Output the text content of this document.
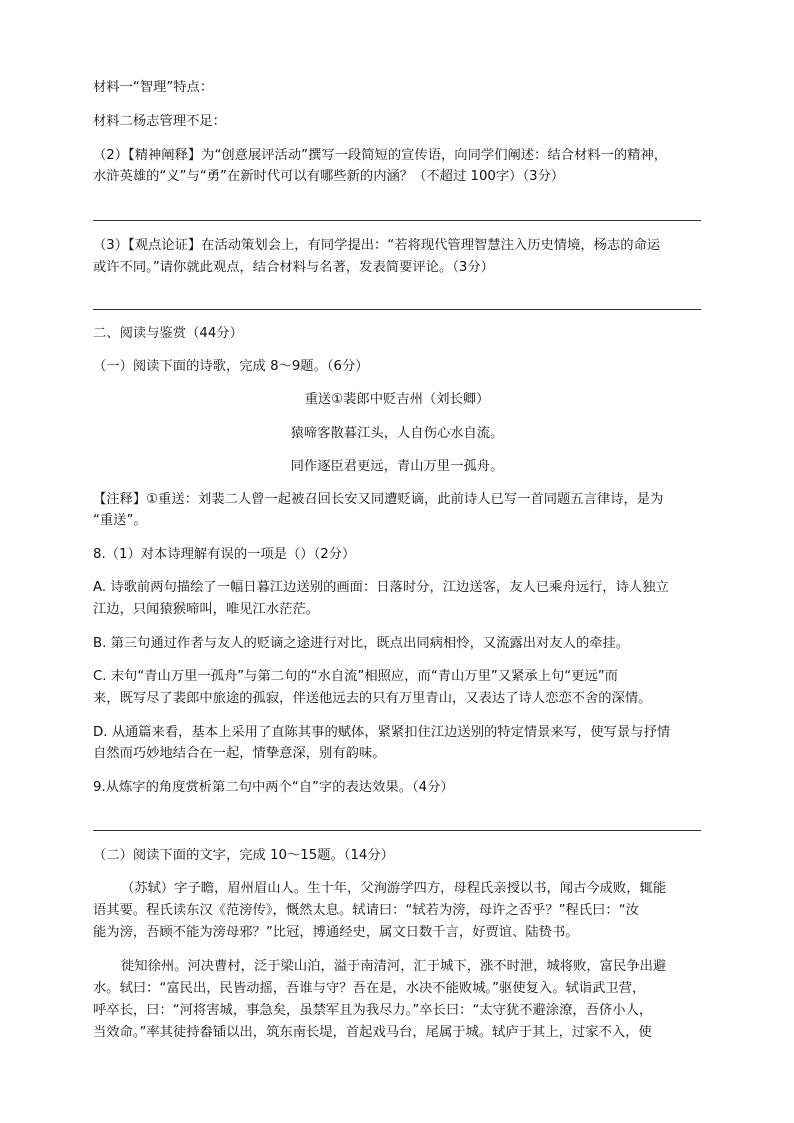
材料一“智理”特点：
材料二杨志管理不足：
（2）【精神阐释】为“创意展评活动”撰写一段简短的宣传语，向同学们阐述：结合材料一的精神，
水浒英雄的“义”与“勇”在新时代可以有哪些新的内涵？（不超过 100字）（3分）
（3）【观点论证】在活动策划会上，有同学提出：“若将现代管理智慧注入历史情境，杨志的命运
或许不同。”请你就此观点，结合材料与名著，发表简要评论。（3分）
二、阅读与鉴赏（44分）
（一）阅读下面的诗歌，完成 8～9题。（6分）
重送①裴郎中贬吉州（刘长卿）
猿啼客散暮江头，人自伤心水自流。
同作逐臣君更远，青山万里一孤舟。
【注释】①重送：刘裴二人曾一起被召回长安又同遭贬谪，此前诗人已写一首同题五言律诗，是为
“重送”。
8.（1）对本诗理解有误的一项是（）（2分）
A. 诗歌前两句描绘了一幅日暮江边送别的画面：日落时分，江边送客，友人已乘舟远行，诗人独立
江边，只闻猿猴啼叫，唯见江水茫茫。
B. 第三句通过作者与友人的贬谪之途进行对比，既点出同病相怜，又流露出对友人的牵挂。
C. 末句“青山万里一孤舟”与第二句的“水自流”相照应，而“青山万里”又紧承上句“更远”而
来，既写尽了裴郎中旅途的孤寂，伴送他远去的只有万里青山，又表达了诗人恋恋不舍的深情。
D. 从通篇来看，基本上采用了直陈其事的赋体，紧紧扣住江边送别的特定情景来写，使写景与抒情
自然而巧妙地结合在一起，情挚意深，别有韵味。
9.从炼字的角度赏析第二句中两个“自”字的表达效果。（4分）
（二）阅读下面的文字，完成 10～15题。（14分）
（苏轼）字子瞻，眉州眉山人。生十年，父洵游学四方，母程氏亲授以书，闻古今成败，辄能
语其要。程氏读东汉《范滂传》，慨然太息。轼请曰：“轼若为滂，母许之否乎？”程氏曰：“汝
能为滂，吾顾不能为滂母邪？”比冠，博通经史，属文日数千言，好贾谊、陆贽书。
徙知徐州。河决曹村，泛于梁山泊，溢于南清河，汇于城下，涨不时泄，城将败，富民争出避
水。轼曰：“富民出，民皆动摇，吾谁与守？吾在是，水决不能败城。”驱使复入。轼诣武卫营，
呼卒长，曰：“河将害城，事急矣，虽禁军且为我尽力。”卒长曰：“太守犹不避涂潦，吾侪小人，
当效命。”率其徒持畚锸以出，筑东南长堤，首起戏马台，尾属于城。轼庐于其上，过家不入，使
